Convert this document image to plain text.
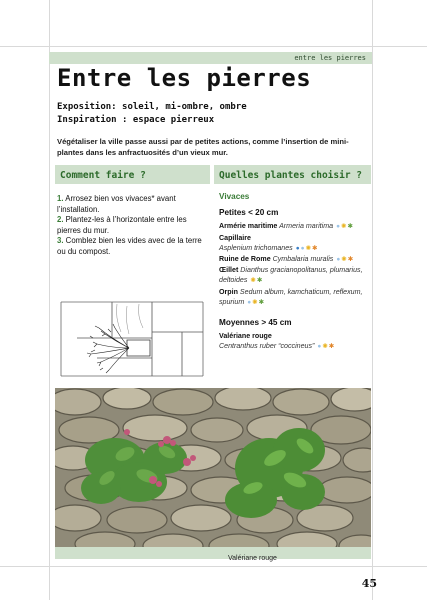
entre les pierres
Entre les pierres
Exposition: soleil, mi-ombre, ombre
Inspiration : espace pierreux
Végétaliser la ville passe aussi par de petites actions, comme l’insertion de mini-plantes dans les anfractuosités d’un vieux mur.
Comment faire ?	Quelles plantes choisir ?

1. Arrosez bien vos vivaces* avant l’installation.

2. Plantez-les à l’horizontale entre les pierres du mur.

3. Comblez bien les vides avec de la terre ou du compost.

Vivaces
Petites < 20 cm

Armérie maritime Armeria maritima ●✺✱

Capillaire
Asplenium trichomanes ●●✺✱

Ruine de Rome Cymbalaria muralis ●✺✱

Œillet Dianthus gracianopolitanus, plumarius, deltoides ✺✱

Orpin Sedum album, kamchaticum, reflexum, spurium ●✺✱

Moyennes > 45 cm

Valériane rouge
Centranthus ruber “coccineus” ●✺✱

Valériane rouge
45
